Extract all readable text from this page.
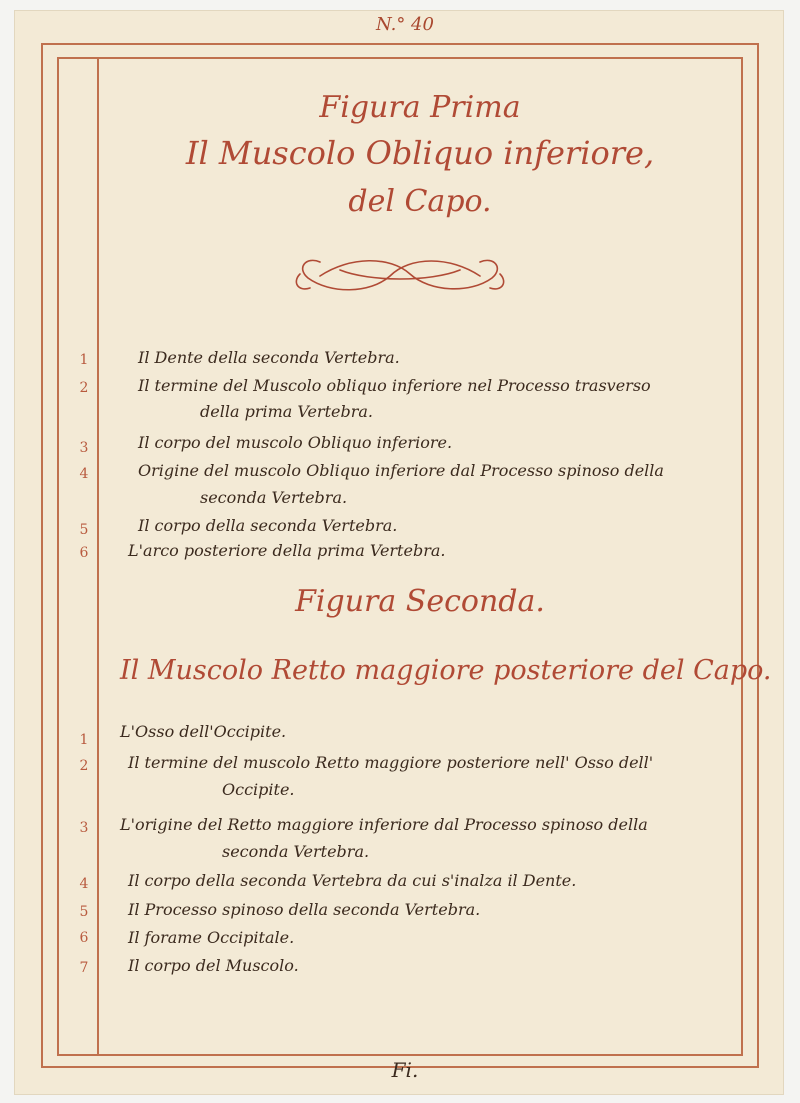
N.° 40
Figura Prima
Il Muscolo Obliquo inferiore,
del Capo.
1	Il Dente della seconda Vertebra.
2	Il termine del Muscolo obliquo inferiore nel Processo trasverso
della prima Vertebra.
3	Il corpo del muscolo Obliquo inferiore.
4	Origine del muscolo Obliquo inferiore dal Processo spinoso della
seconda Vertebra.
5	Il corpo della seconda Vertebra.
6	L'arco posteriore della prima Vertebra.
Figura Seconda.
Il Muscolo Retto maggiore posteriore del Capo.
1	L'Osso dell'Occipite.
2	Il termine del muscolo Retto maggiore posteriore nell' Osso dell'
Occipite.
3	L'origine del Retto maggiore inferiore dal Processo spinoso della
seconda Vertebra.
4	Il corpo della seconda Vertebra da cui s'inalza il Dente.
5	Il Processo spinoso della seconda Vertebra.
6	Il forame Occipitale.
7	Il corpo del Muscolo.
Fi.
